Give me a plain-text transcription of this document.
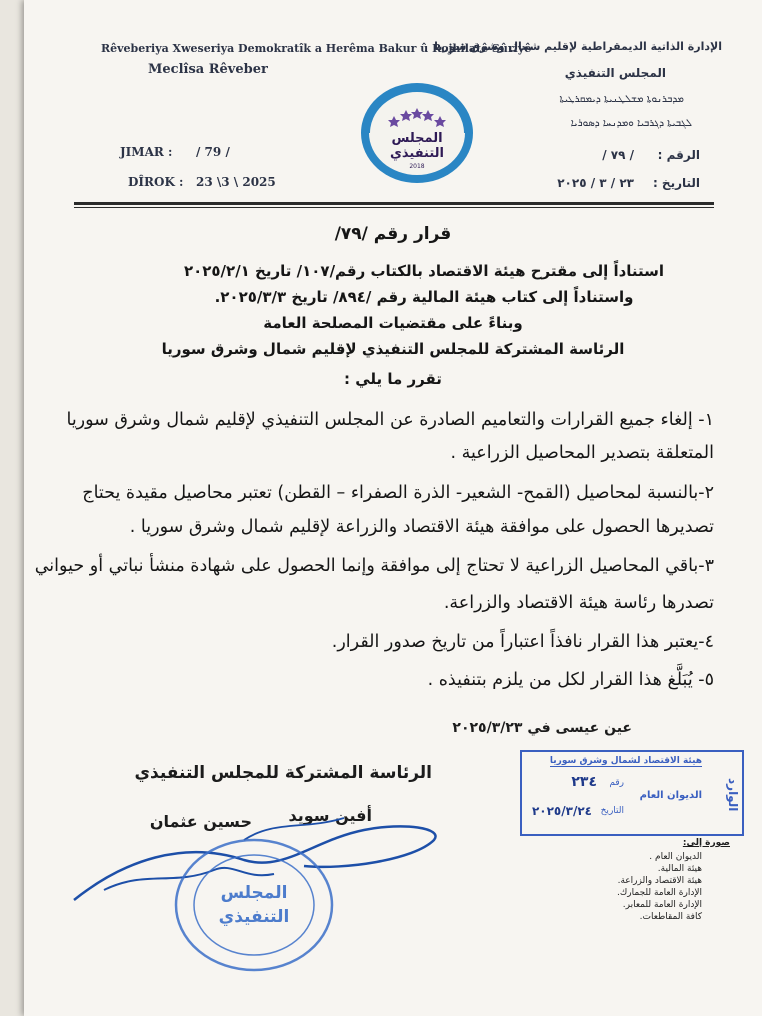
Rêveberiya Xweseriya Demokratîk a Herêma Bakur û Rojhilatê Sûriyê
Meclîsa Rêveber
الإدارة الذاتية الديمقراطية لإقليم شمال وشرق سوريا
المجلس التنفيذي
ܡܕܒܪܢܘܬܐ ܡܫܠܛܢܝܬܐ ܕܝܡܩܪܛܝܬܐ
ܠܓܒܝܬܐ ܕܓܪܒܝܐ ܘܡܕܢܚܐ ܕܣܘܪܝܐ
المجلس
التنفيذي
2018
JIMAR : / 79 /
DÎROK : 23 \3 \ 2025
الرقم :
/ ٧٩ /
التاريخ :
٢٣ / ٣ / ٢٠٢٥
قرار رقم /٧٩/
استناداً إلى مقترح هيئة الاقتصاد بالكتاب رقم/١٠٧/ تاريخ ٢٠٢٥/٢/١
واستناداً إلى كتاب هيئة المالية رقم /٨٩٤/ تاريخ ٢٠٢٥/٣/٣.
وبناءً على مقتضيات المصلحة العامة
الرئاسة المشتركة للمجلس التنفيذي لإقليم شمال وشرق سوريا
تقرر ما يلي :
١- إلغاء جميع القرارات والتعاميم الصادرة عن المجلس التنفيذي لإقليم شمال وشرق سوريا
المتعلقة بتصدير المحاصيل الزراعية .
٢-بالنسبة لمحاصيل (القمح- الشعير- الذرة الصفراء – القطن) تعتبر محاصيل مقيدة يحتاج
تصديرها الحصول على موافقة هيئة الاقتصاد والزراعة لإقليم شمال وشرق سوريا .
٣-باقي المحاصيل الزراعية لا تحتاج إلى موافقة وإنما الحصول على شهادة منشأ نباتي أو حيواني
تصدرها رئاسة هيئة الاقتصاد والزراعة.
٤-يعتبر هذا القرار نافذاً اعتباراً من تاريخ صدور القرار.
٥- يُبَلَّغ هذا القرار لكل من يلزم بتنفيذه .
عين عيسى في ٢٠٢٥/٣/٢٣
الرئاسة المشتركة للمجلس التنفيذي
أفين سويد
حسين عثمان
المجلس
التنفيذي
هيئة الاقتصاد لشمال وشرق سوريا
الوارد
الديوان العام
رقم
٢٣٤
التاريخ
٢٠٢٥/٣/٢٤
صورة إلى:
الديوان العام .
هيئة المالية.
هيئة الاقتصاد والزراعة.
الإدارة العامة للجمارك.
الإدارة العامة للمعابر.
كافة المقاطعات.
